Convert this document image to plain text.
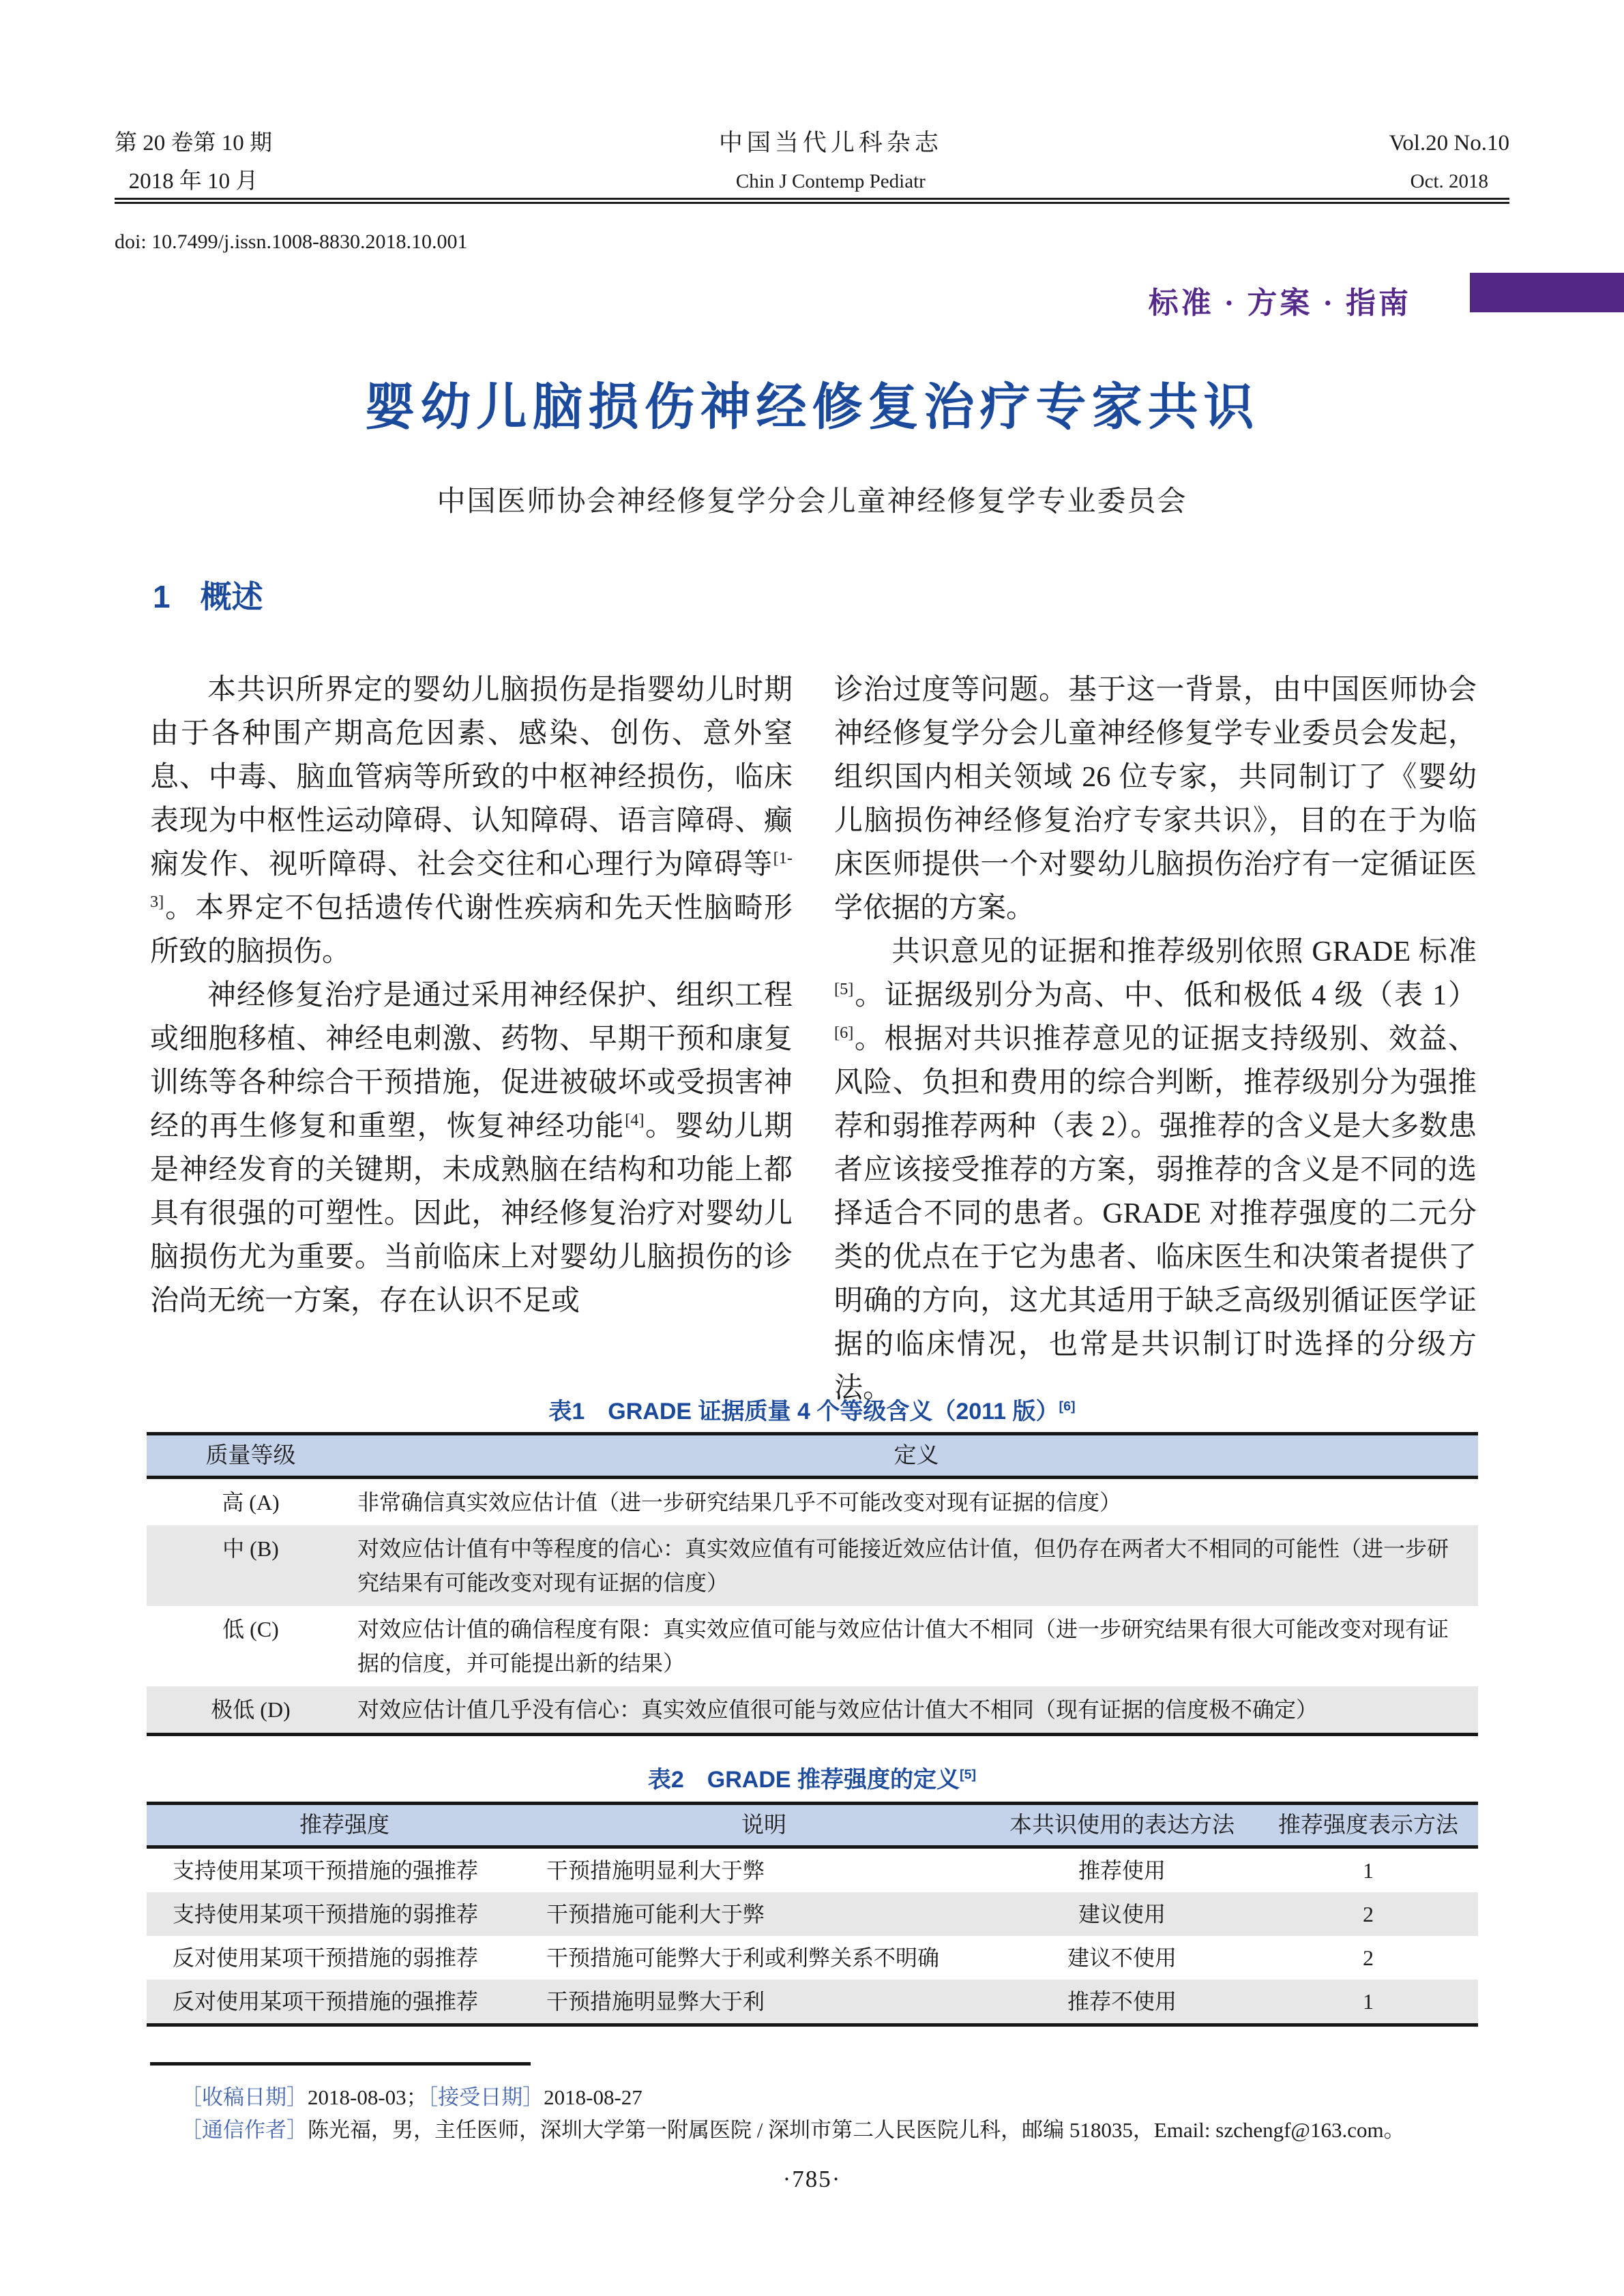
第 20 卷第 10 期
2018 年 10 月
中国当代儿科杂志
Chin J Contemp Pediatr
Vol.20 No.10
Oct. 2018
doi: 10.7499/j.issn.1008-8830.2018.10.001
标准 · 方案 · 指南
婴幼儿脑损伤神经修复治疗专家共识
中国医师协会神经修复学分会儿童神经修复学专业委员会
1 概述

本共识所界定的婴幼儿脑损伤是指婴幼儿时期由于各种围产期高危因素、感染、创伤、意外窒息、中毒、脑血管病等所致的中枢神经损伤，临床表现为中枢性运动障碍、认知障碍、语言障碍、癫痫发作、视听障碍、社会交往和心理行为障碍等[1-3]。本界定不包括遗传代谢性疾病和先天性脑畸形所致的脑损伤。

神经修复治疗是通过采用神经保护、组织工程或细胞移植、神经电刺激、药物、早期干预和康复训练等各种综合干预措施，促进被破坏或受损害神经的再生修复和重塑，恢复神经功能[4]。婴幼儿期是神经发育的关键期，未成熟脑在结构和功能上都具有很强的可塑性。因此，神经修复治疗对婴幼儿脑损伤尤为重要。当前临床上对婴幼儿脑损伤的诊治尚无统一方案，存在认识不足或

诊治过度等问题。基于这一背景，由中国医师协会神经修复学分会儿童神经修复学专业委员会发起，组织国内相关领域 26 位专家，共同制订了《婴幼儿脑损伤神经修复治疗专家共识》，目的在于为临床医师提供一个对婴幼儿脑损伤治疗有一定循证医学依据的方案。

共识意见的证据和推荐级别依照 GRADE 标准[5]。证据级别分为高、中、低和极低 4 级（表 1）[6]。根据对共识推荐意见的证据支持级别、效益、风险、负担和费用的综合判断，推荐级别分为强推荐和弱推荐两种（表 2）。强推荐的含义是大多数患者应该接受推荐的方案，弱推荐的含义是不同的选择适合不同的患者。GRADE 对推荐强度的二元分类的优点在于它为患者、临床医生和决策者提供了明确的方向，这尤其适用于缺乏高级别循证医学证据的临床情况，也常是共识制订时选择的分级方法。

表1　GRADE 证据质量 4 个等级含义（2011 版）[6]
质量等级	定义
高 (A)	非常确信真实效应估计值（进一步研究结果几乎不可能改变对现有证据的信度）
中 (B)	对效应估计值有中等程度的信心：真实效应值有可能接近效应估计值，但仍存在两者大不相同的可能性（进一步研究结果有可能改变对现有证据的信度）
低 (C)	对效应估计值的确信程度有限：真实效应值可能与效应估计值大不相同（进一步研究结果有很大可能改变对现有证据的信度，并可能提出新的结果）
极低 (D)	对效应估计值几乎没有信心：真实效应值很可能与效应估计值大不相同（现有证据的信度极不确定）
表2　GRADE 推荐强度的定义[5]
推荐强度	说明	本共识使用的表达方法	推荐强度表示方法
支持使用某项干预措施的强推荐	干预措施明显利大于弊	推荐使用	1
支持使用某项干预措施的弱推荐	干预措施可能利大于弊	建议使用	2
反对使用某项干预措施的弱推荐	干预措施可能弊大于利或利弊关系不明确	建议不使用	2
反对使用某项干预措施的强推荐	干预措施明显弊大于利	推荐不使用	1
［收稿日期］2018-08-03；［接受日期］2018-08-27
［通信作者］陈光福，男，主任医师，深圳大学第一附属医院 / 深圳市第二人民医院儿科，邮编 518035，Email: szchengf@163.com。
·785·
